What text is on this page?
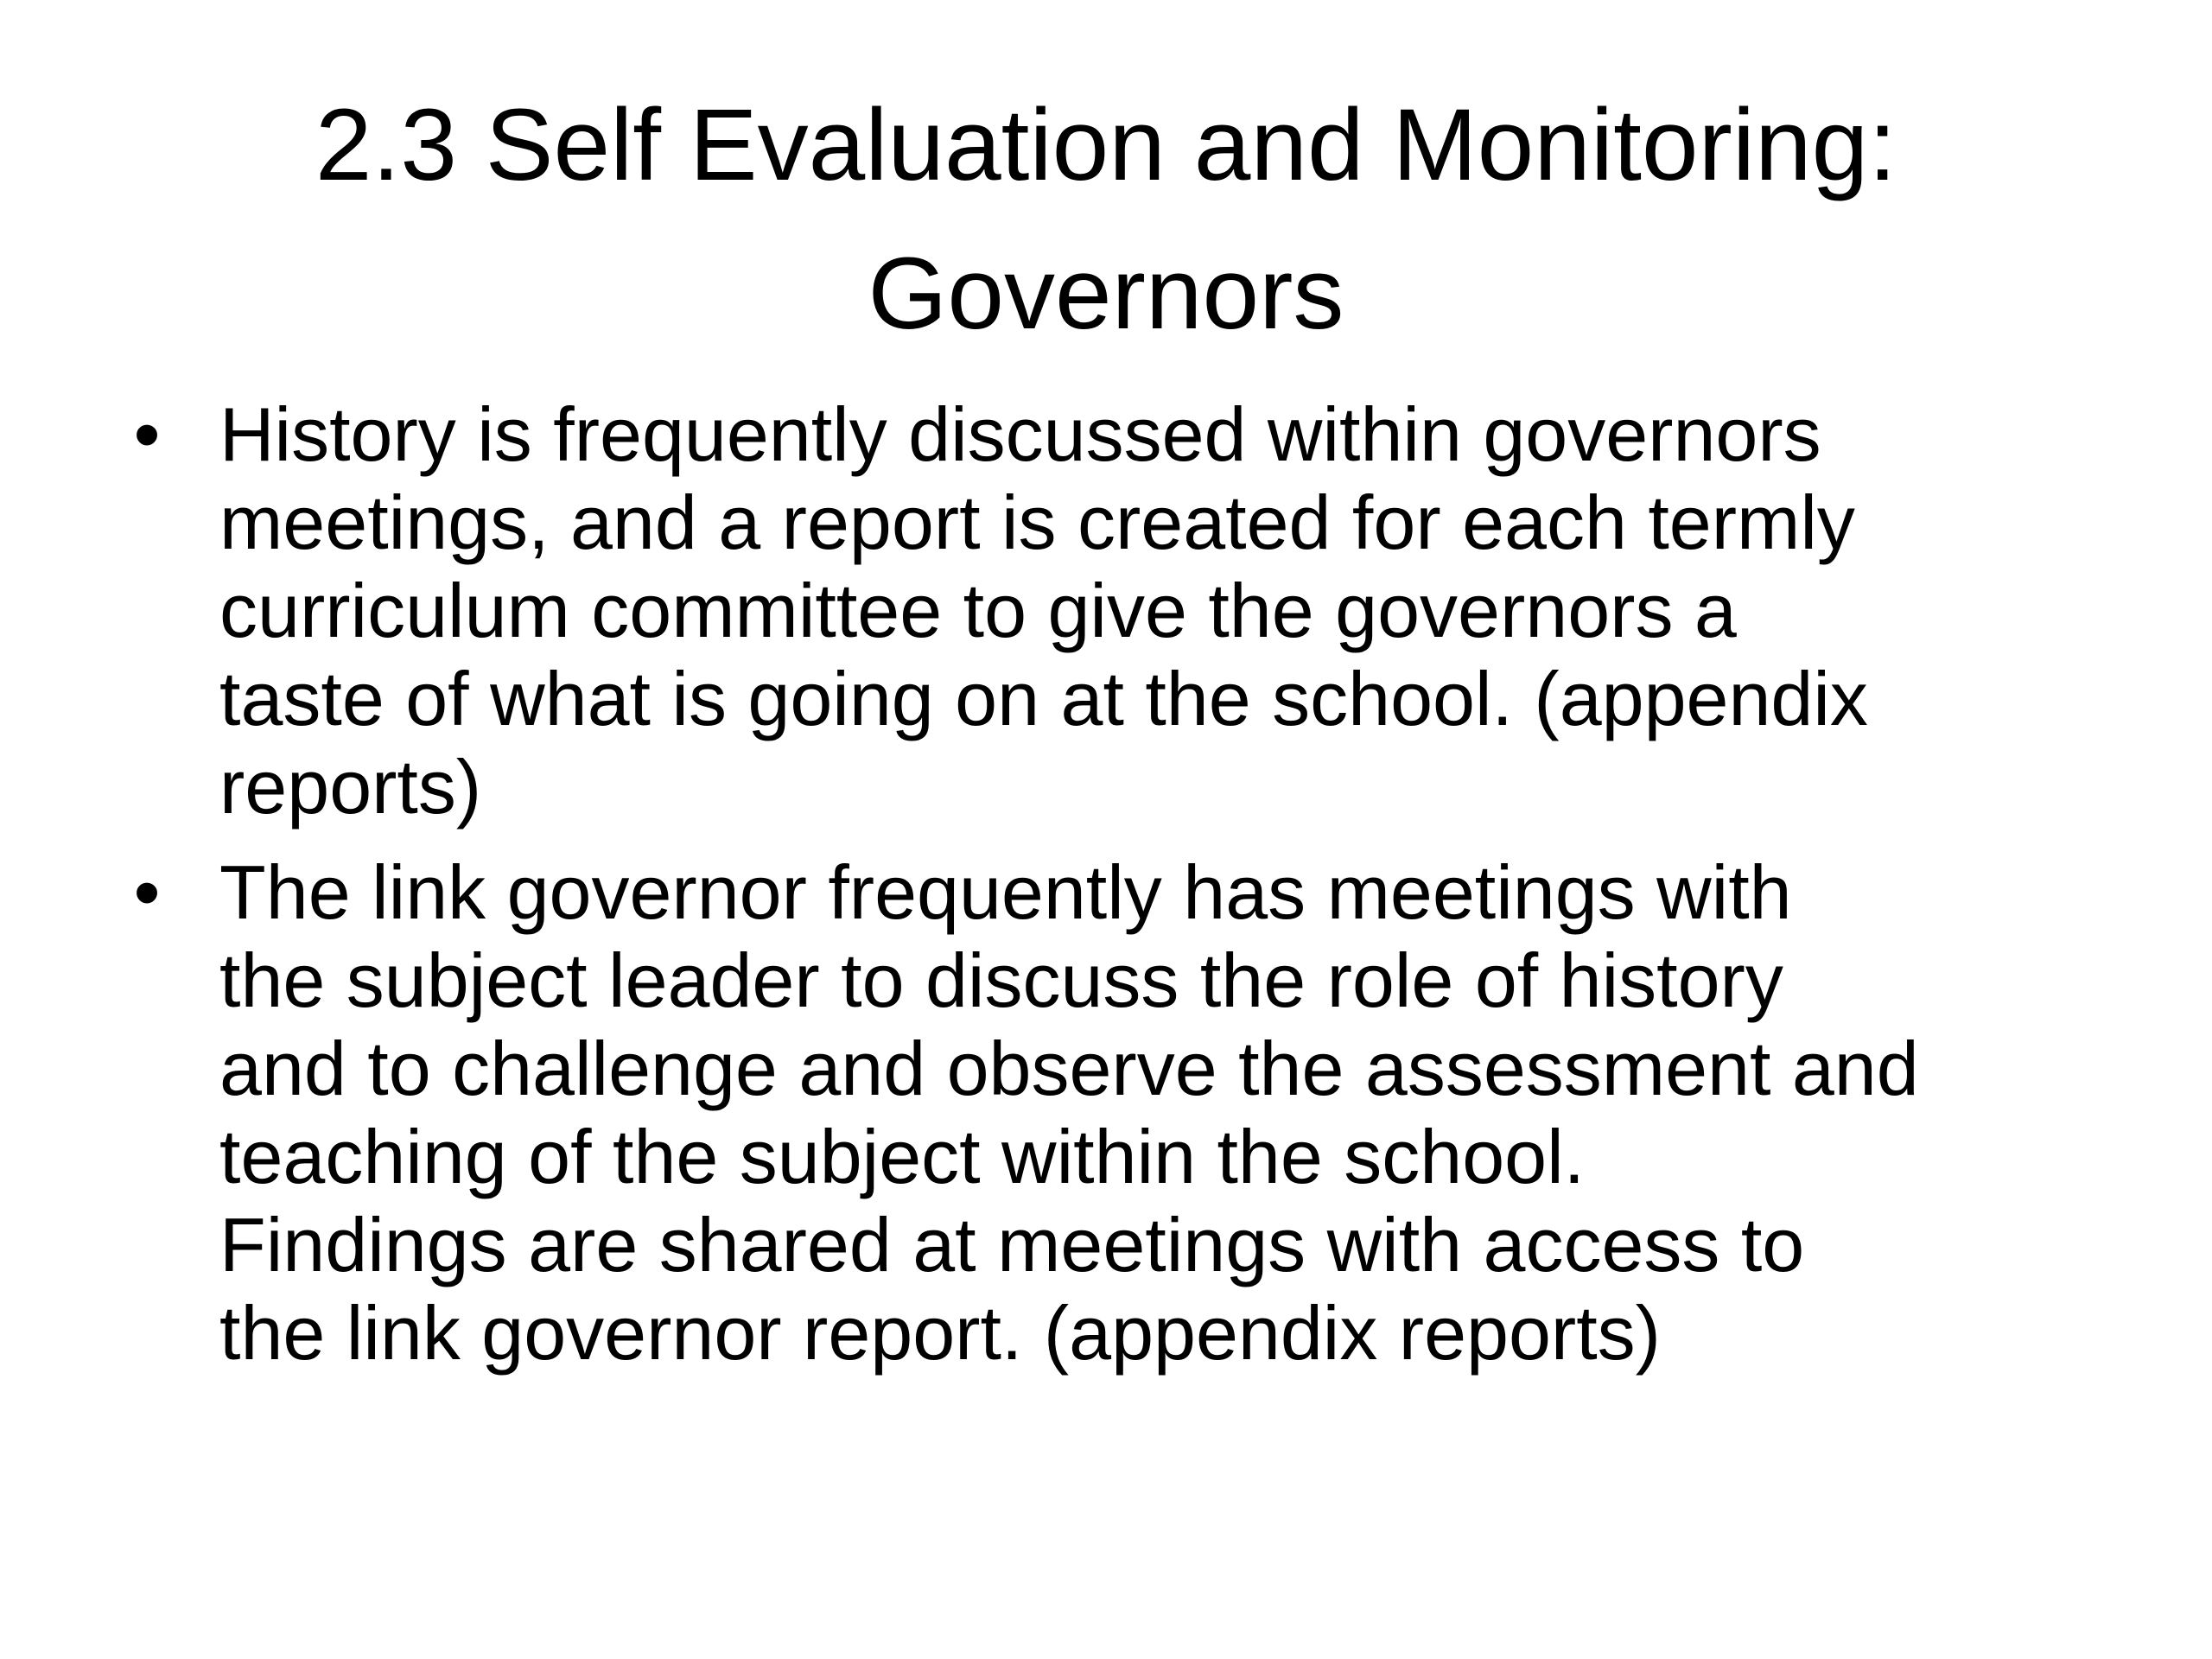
2.3 Self Evaluation and Monitoring:
Governors
• History is frequently discussed within governors
meetings, and a report is created for each termly
curriculum committee to give the governors a
taste of what is going on at the school. (appendix
reports)
• The link governor frequently has meetings with
the subject leader to discuss the role of history
and to challenge and observe the assessment and
teaching of the subject within the school.
Findings are shared at meetings with access to
the link governor report. (appendix reports)
